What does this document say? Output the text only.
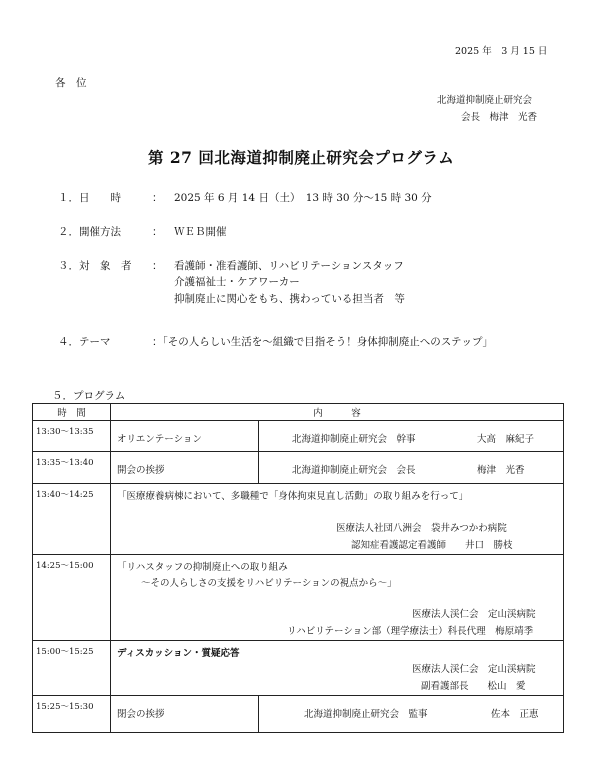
2025 年　3 月 15 日
各　位
北海道抑制廃止研究会
会長　梅津　光香
第 27 回北海道抑制廃止研究会プログラム
１．日　　時	： 2025 年 6 月 14 日（土）　13 時 30 分～15 時 30 分
２．開催方法	： ＷＥＢ開催
３．対　象　者 ： 看護師・准看護師、リハビリテーションスタッフ
介護福祉士・ケアワーカー
抑制廃止に関心をもち、携わっている担当者　等
４．テーマ	：「その人らしい生活を～組織で目指そう！身体抑制廃止へのステップ」
５．プログラム
時　間	内　　　容
13:30～13:35	オリエンテーション 北海道抑制廃止研究会　幹事 大高　麻紀子

13:35～13:40	開会の挨拶 北海道抑制廃止研究会　会長 梅津　光香

13:40～14:25	「医療療養病棟において、多職種で「身体拘束見直し活動」の取り組みを行って」
医療法人社団八洲会　袋井みつかわ病院
認知症看護認定看護師　　井口　勝枝

14:25～15:00	「リハスタッフの抑制廃止への取り組み
～その人らしさの支援をリハビリテーションの視点から～」
医療法人渓仁会　定山渓病院
リハビリテーション部（理学療法士）科長代理　梅原靖季

15:00～15:25	ディスカッション・質疑応答
医療法人渓仁会　定山渓病院
副看護部長　　松山　愛

15:25～15:30	閉会の挨拶 北海道抑制廃止研究会　監事 佐本　正恵
